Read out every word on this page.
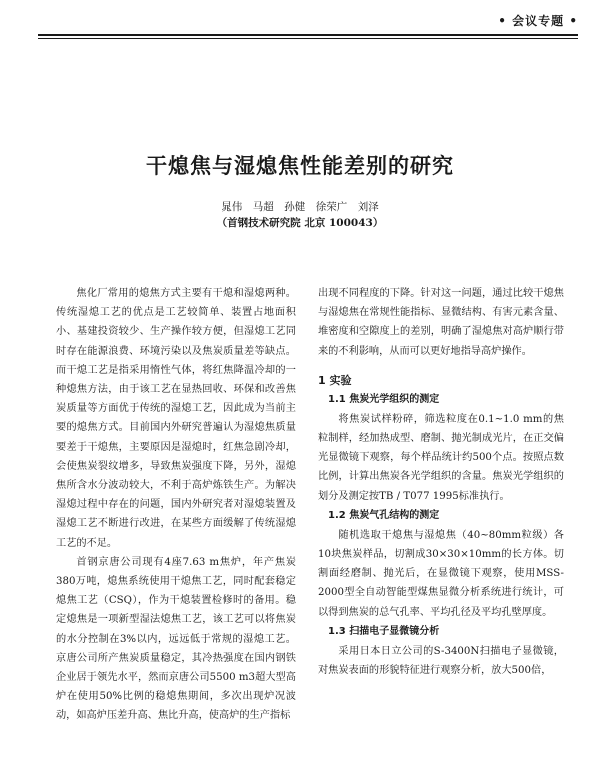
• 会议专题 •
干熄焦与湿熄焦性能差别的研究
晁伟　马超　孙健　徐荣广　刘泽
（首钢技术研究院 北京 100043）

焦化厂常用的熄焦方式主要有干熄和湿熄两种。传统湿熄工艺的优点是工艺较简单、装置占地面积小、基建投资较少、生产操作较方便，但湿熄工艺同时存在能源浪费、环境污染以及焦炭质量差等缺点。而干熄工艺是指采用惰性气体，将红焦降温冷却的一种熄焦方法，由于该工艺在显热回收、环保和改善焦炭质量等方面优于传统的湿熄工艺，因此成为当前主要的熄焦方式。目前国内外研究普遍认为湿熄焦质量要差于干熄焦，主要原因是湿熄时，红焦急剧冷却，会使焦炭裂纹增多，导致焦炭强度下降，另外，湿熄焦所含水分波动较大，不利于高炉炼铁生产。为解决湿熄过程中存在的问题，国内外研究者对湿熄装置及湿熄工艺不断进行改进，在某些方面缓解了传统湿熄工艺的不足。

首钢京唐公司现有4座7.63 m焦炉，年产焦炭380万吨，熄焦系统使用干熄焦工艺，同时配套稳定熄焦工艺（CSQ），作为干熄装置检修时的备用。稳定熄焦是一项新型湿法熄焦工艺，该工艺可以将焦炭的水分控制在3%以内，远远低于常规的湿熄工艺。京唐公司所产焦炭质量稳定，其冷热强度在国内钢铁企业居于领先水平，然而京唐公司5500 m3超大型高炉在使用50%比例的稳熄焦期间，多次出现炉况波动，如高炉压差升高、焦比升高，使高炉的生产指标

出现不同程度的下降。针对这一问题，通过比较干熄焦与湿熄焦在常规性能指标、显微结构、有害元素含量、堆密度和空隙度上的差别，明确了湿熄焦对高炉顺行带来的不利影响，从而可以更好地指导高炉操作。

1 实验
1.1 焦炭光学组织的测定

将焦炭试样粉碎，筛选粒度在0.1~1.0 mm的焦粒制样，经加热成型、磨制、抛光制成光片，在正交偏光显微镜下观察，每个样品统计约500个点。按照点数比例，计算出焦炭各光学组织的含量。焦炭光学组织的划分及测定按TB / T077 1995标准执行。

1.2 焦炭气孔结构的测定

随机选取干熄焦与湿熄焦（40~80mm粒级）各10块焦炭样品，切割成30×30×10mm的长方体。切割面经磨制、抛光后，在显微镜下观察，使用MSS-2000型全自动智能型煤焦显微分析系统进行统计，可以得到焦炭的总气孔率、平均孔径及平均孔壁厚度。

1.3 扫描电子显微镜分析

采用日本日立公司的S-3400N扫描电子显微镜，对焦炭表面的形貌特征进行观察分析，放大500倍，
